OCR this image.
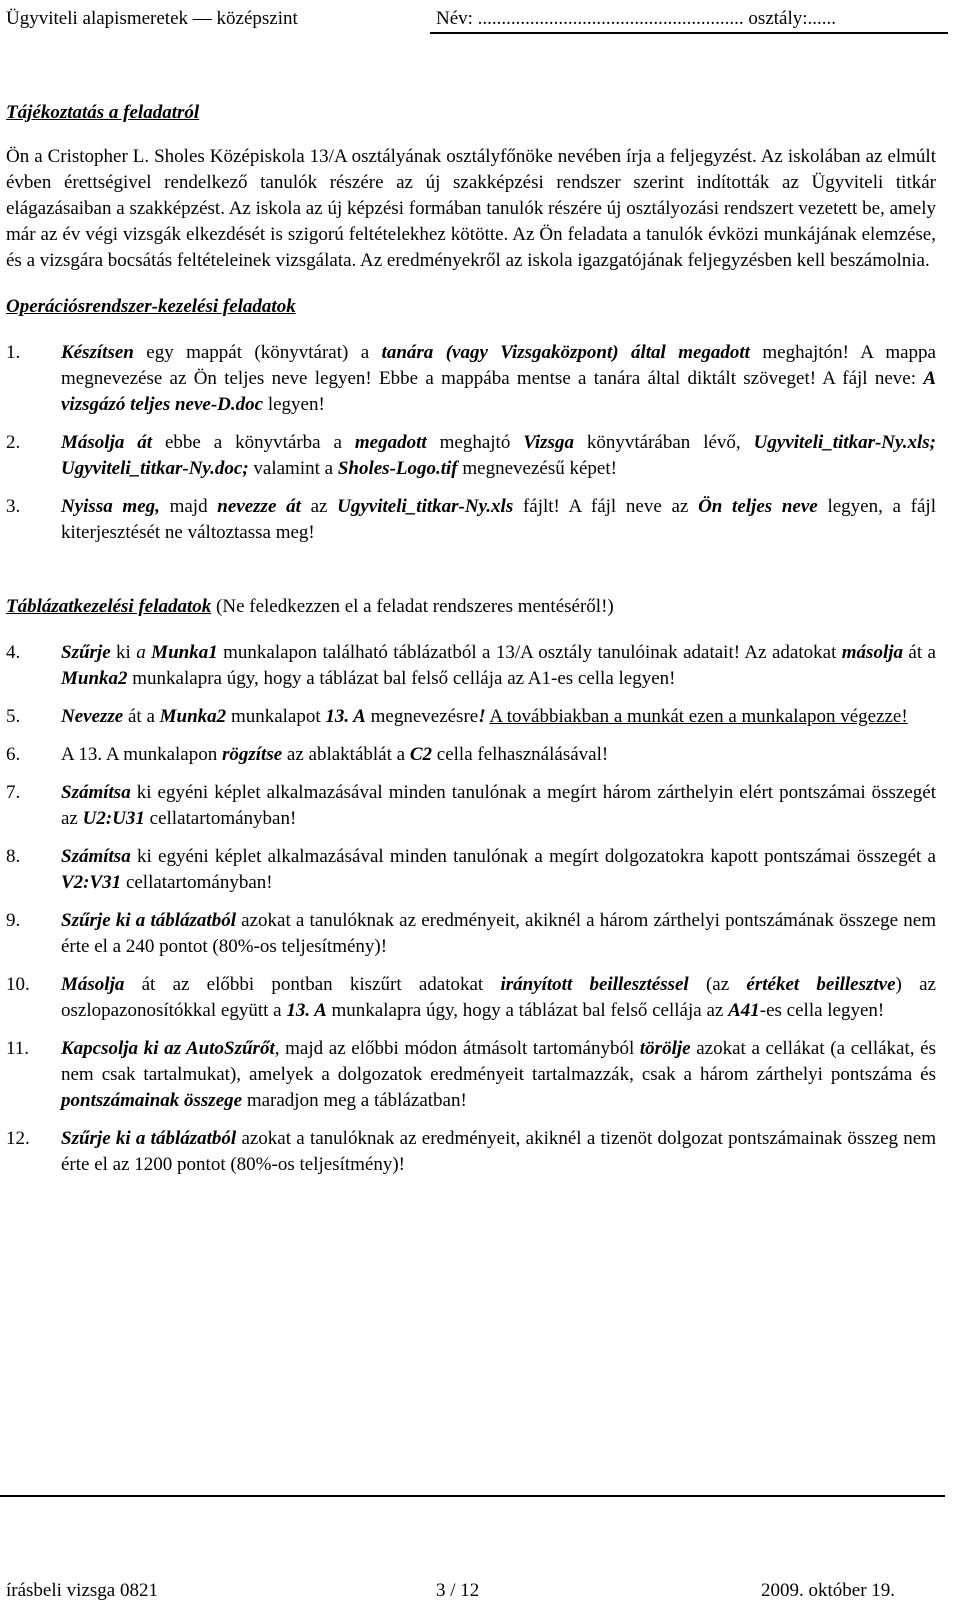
Ügyviteli alapismeretek — középszint	Név: ........................................................ osztály:......
Tájékoztatás a feladatról

Ön a Cristopher L. Sholes Középiskola 13/A osztályának osztályfőnöke nevében írja a feljegyzést. Az iskolában az elmúlt évben érettségivel rendelkező tanulók részére az új szakképzési rendszer szerint indították az Ügyviteli titkár elágazásaiban a szakképzést. Az iskola az új képzési formában tanulók részére új osztályozási rendszert vezetett be, amely már az év végi vizsgák elkezdését is szigorú feltételekhez kötötte. Az Ön feladata a tanulók évközi munkájának elemzése, és a vizsgára bocsátás feltételeinek vizsgálata. Az eredményekről az iskola igazgatójának feljegyzésben kell beszámolnia.

Operációsrendszer-kezelési feladatok
1.	Készítsen egy mappát (könyvtárat) a tanára (vagy Vizsgaközpont) által megadott meghajtón! A mappa megnevezése az Ön teljes neve legyen! Ebbe a mappába mentse a tanára által diktált szöveget! A fájl neve: A vizsgázó teljes neve-D.doc legyen!
2.	Másolja át ebbe a könyvtárba a megadott meghajtó Vizsga könyvtárában lévő, Ugyviteli_titkar-Ny.xls; Ugyviteli_titkar-Ny.doc; valamint a Sholes-Logo.tif megnevezésű képet!
3.	Nyissa meg, majd nevezze át az Ugyviteli_titkar-Ny.xls fájlt! A fájl neve az Ön teljes neve legyen, a fájl kiterjesztését ne változtassa meg!
Táblázatkezelési feladatok (Ne feledkezzen el a feladat rendszeres mentéséről!)
4.	Szűrje ki a Munka1 munkalapon található táblázatból a 13/A osztály tanulóinak adatait! Az adatokat másolja át a Munka2 munkalapra úgy, hogy a táblázat bal felső cellája az A1-es cella legyen!
5.	Nevezze át a Munka2 munkalapot 13. A megnevezésre! A továbbiakban a munkát ezen a munkalapon végezze!
6.	A 13. A munkalapon rögzítse az ablaktáblát a C2 cella felhasználásával!
7.	Számítsa ki egyéni képlet alkalmazásával minden tanulónak a megírt három zárthelyin elért pontszámai összegét az U2:U31 cellatartományban!
8.	Számítsa ki egyéni képlet alkalmazásával minden tanulónak a megírt dolgozatokra kapott pontszámai összegét a V2:V31 cellatartományban!
9.	Szűrje ki a táblázatból azokat a tanulóknak az eredményeit, akiknél a három zárthelyi pontszámának összege nem érte el a 240 pontot (80%-os teljesítmény)!
10.	Másolja át az előbbi pontban kiszűrt adatokat irányított beillesztéssel (az értéket beillesztve) az oszlopazonosítókkal együtt a 13. A munkalapra úgy, hogy a táblázat bal felső cellája az A41-es cella legyen!
11.	Kapcsolja ki az AutoSzűrőt, majd az előbbi módon átmásolt tartományból törölje azokat a cellákat (a cellákat, és nem csak tartalmukat), amelyek a dolgozatok eredményeit tartalmazzák, csak a három zárthelyi pontszáma és pontszámainak összege maradjon meg a táblázatban!
12.	Szűrje ki a táblázatból azokat a tanulóknak az eredményeit, akiknél a tizenöt dolgozat pontszámainak összeg nem érte el az 1200 pontot (80%-os teljesítmény)!
írásbeli vizsga 0821	3 / 12	2009. október 19.
